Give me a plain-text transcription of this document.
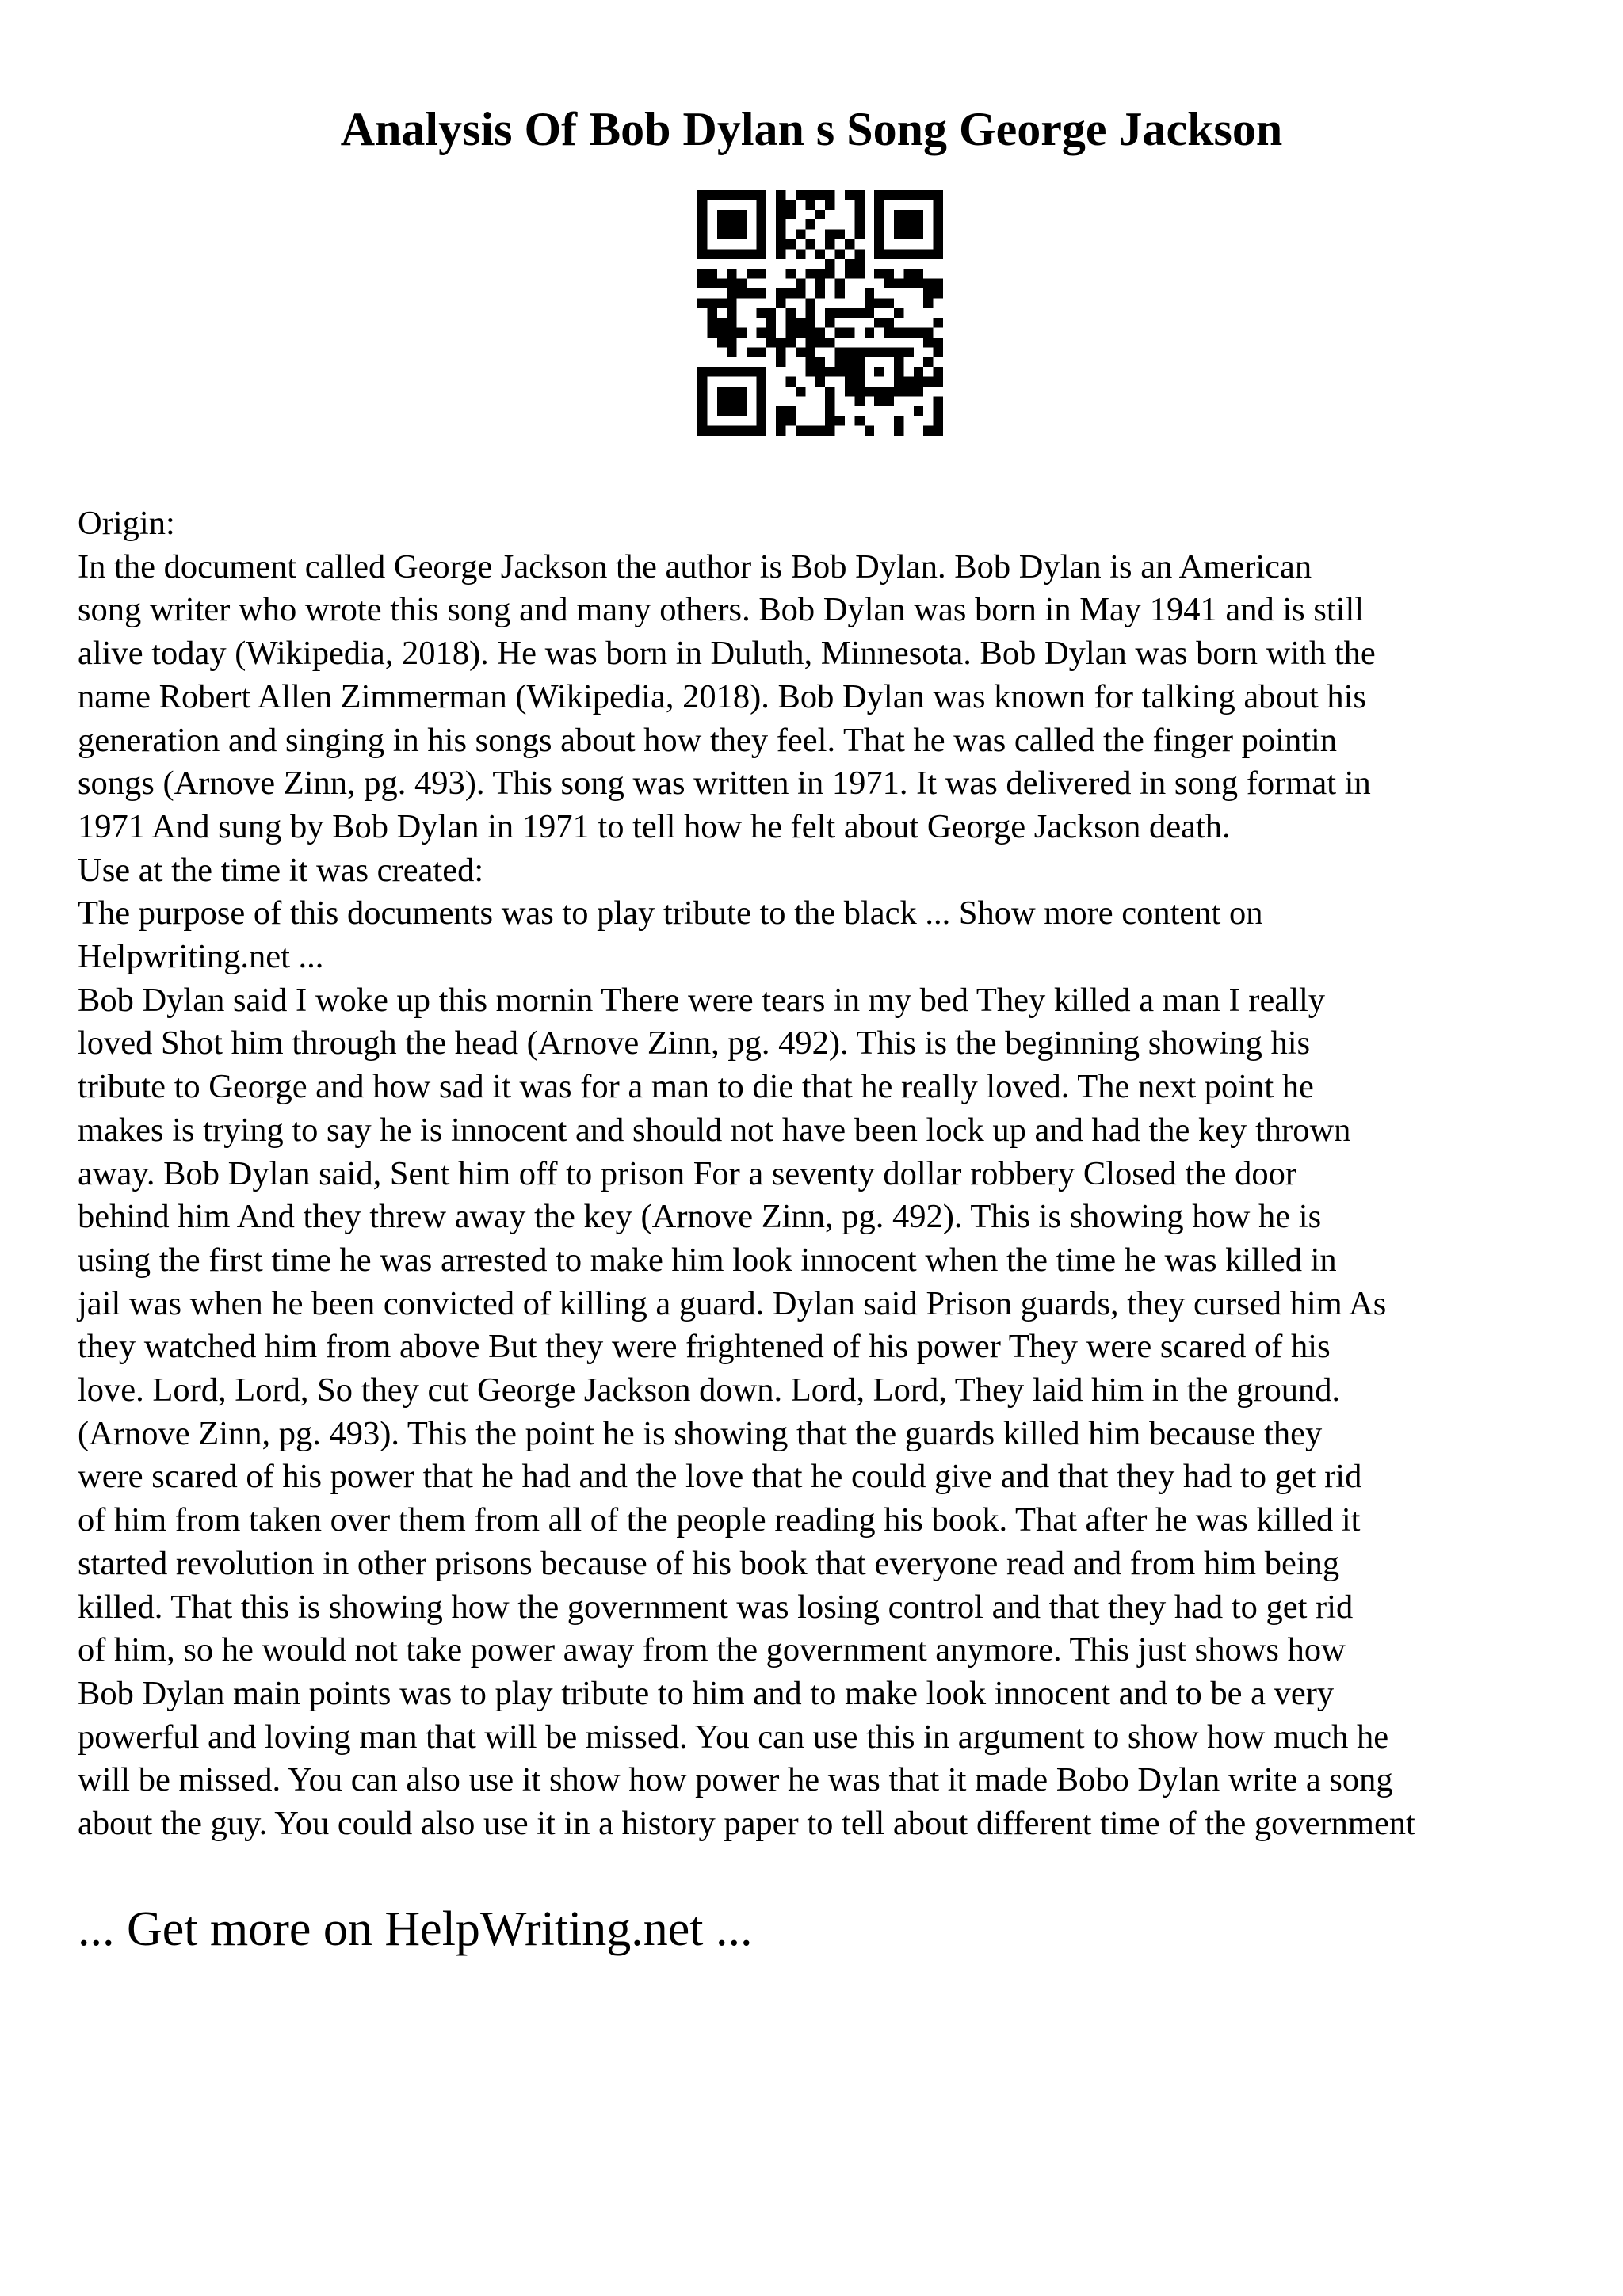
Analysis Of Bob Dylan s Song George Jackson
Origin:
In the document called George Jackson the author is Bob Dylan. Bob Dylan is an American
song writer who wrote this song and many others. Bob Dylan was born in May 1941 and is still
alive today (Wikipedia, 2018). He was born in Duluth, Minnesota. Bob Dylan was born with the
name Robert Allen Zimmerman (Wikipedia, 2018). Bob Dylan was known for talking about his
generation and singing in his songs about how they feel. That he was called the finger pointin
songs (Arnove Zinn, pg. 493). This song was written in 1971. It was delivered in song format in
1971 And sung by Bob Dylan in 1971 to tell how he felt about George Jackson death.
Use at the time it was created:
The purpose of this documents was to play tribute to the black ... Show more content on
Helpwriting.net ...
Bob Dylan said I woke up this mornin There were tears in my bed They killed a man I really
loved Shot him through the head (Arnove Zinn, pg. 492). This is the beginning showing his
tribute to George and how sad it was for a man to die that he really loved. The next point he
makes is trying to say he is innocent and should not have been lock up and had the key thrown
away. Bob Dylan said, Sent him off to prison For a seventy dollar robbery Closed the door
behind him And they threw away the key (Arnove Zinn, pg. 492). This is showing how he is
using the first time he was arrested to make him look innocent when the time he was killed in
jail was when he been convicted of killing a guard. Dylan said Prison guards, they cursed him As
they watched him from above But they were frightened of his power They were scared of his
love. Lord, Lord, So they cut George Jackson down. Lord, Lord, They laid him in the ground.
(Arnove Zinn, pg. 493). This the point he is showing that the guards killed him because they
were scared of his power that he had and the love that he could give and that they had to get rid
of him from taken over them from all of the people reading his book. That after he was killed it
started revolution in other prisons because of his book that everyone read and from him being
killed. That this is showing how the government was losing control and that they had to get rid
of him, so he would not take power away from the government anymore. This just shows how
Bob Dylan main points was to play tribute to him and to make look innocent and to be a very
powerful and loving man that will be missed. You can use this in argument to show how much he
will be missed. You can also use it show how power he was that it made Bobo Dylan write a song
about the guy. You could also use it in a history paper to tell about different time of the government
... Get more on HelpWriting.net ...
